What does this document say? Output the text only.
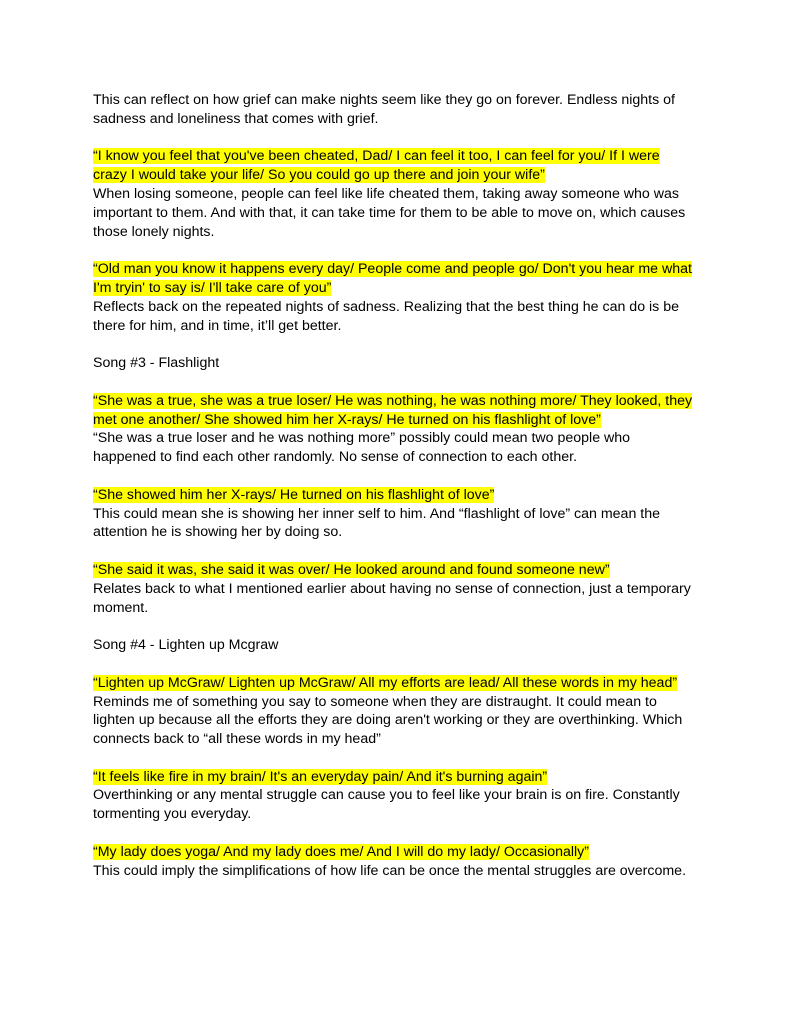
This can reflect on how grief can make nights seem like they go on forever. Endless nights of
sadness and loneliness that comes with grief.
“I know you feel that you've been cheated, Dad/ I can feel it too, I can feel for you/ If I were
crazy I would take your life/ So you could go up there and join your wife”
When losing someone, people can feel like life cheated them, taking away someone who was
important to them. And with that, it can take time for them to be able to move on, which causes
those lonely nights.
“Old man you know it happens every day/ People come and people go/ Don't you hear me what
I'm tryin' to say is/ I'll take care of you”
Reflects back on the repeated nights of sadness. Realizing that the best thing he can do is be
there for him, and in time, it’ll get better.
Song #3 - Flashlight
“She was a true, she was a true loser/ He was nothing, he was nothing more/ They looked, they
met one another/ She showed him her X-rays/ He turned on his flashlight of love”
“She was a true loser and he was nothing more” possibly could mean two people who
happened to find each other randomly. No sense of connection to each other.
“She showed him her X-rays/ He turned on his flashlight of love”
This could mean she is showing her inner self to him. And “flashlight of love” can mean the
attention he is showing her by doing so.
“She said it was, she said it was over/ He looked around and found someone new”
Relates back to what I mentioned earlier about having no sense of connection, just a temporary
moment.
Song #4 - Lighten up Mcgraw
“Lighten up McGraw/ Lighten up McGraw/ All my efforts are lead/ All these words in my head”
Reminds me of something you say to someone when they are distraught. It could mean to
lighten up because all the efforts they are doing aren't working or they are overthinking. Which
connects back to “all these words in my head”
“It feels like fire in my brain/ It's an everyday pain/ And it's burning again”
Overthinking or any mental struggle can cause you to feel like your brain is on fire. Constantly
tormenting you everyday.
“My lady does yoga/ And my lady does me/ And I will do my lady/ Occasionally”
This could imply the simplifications of how life can be once the mental struggles are overcome.
